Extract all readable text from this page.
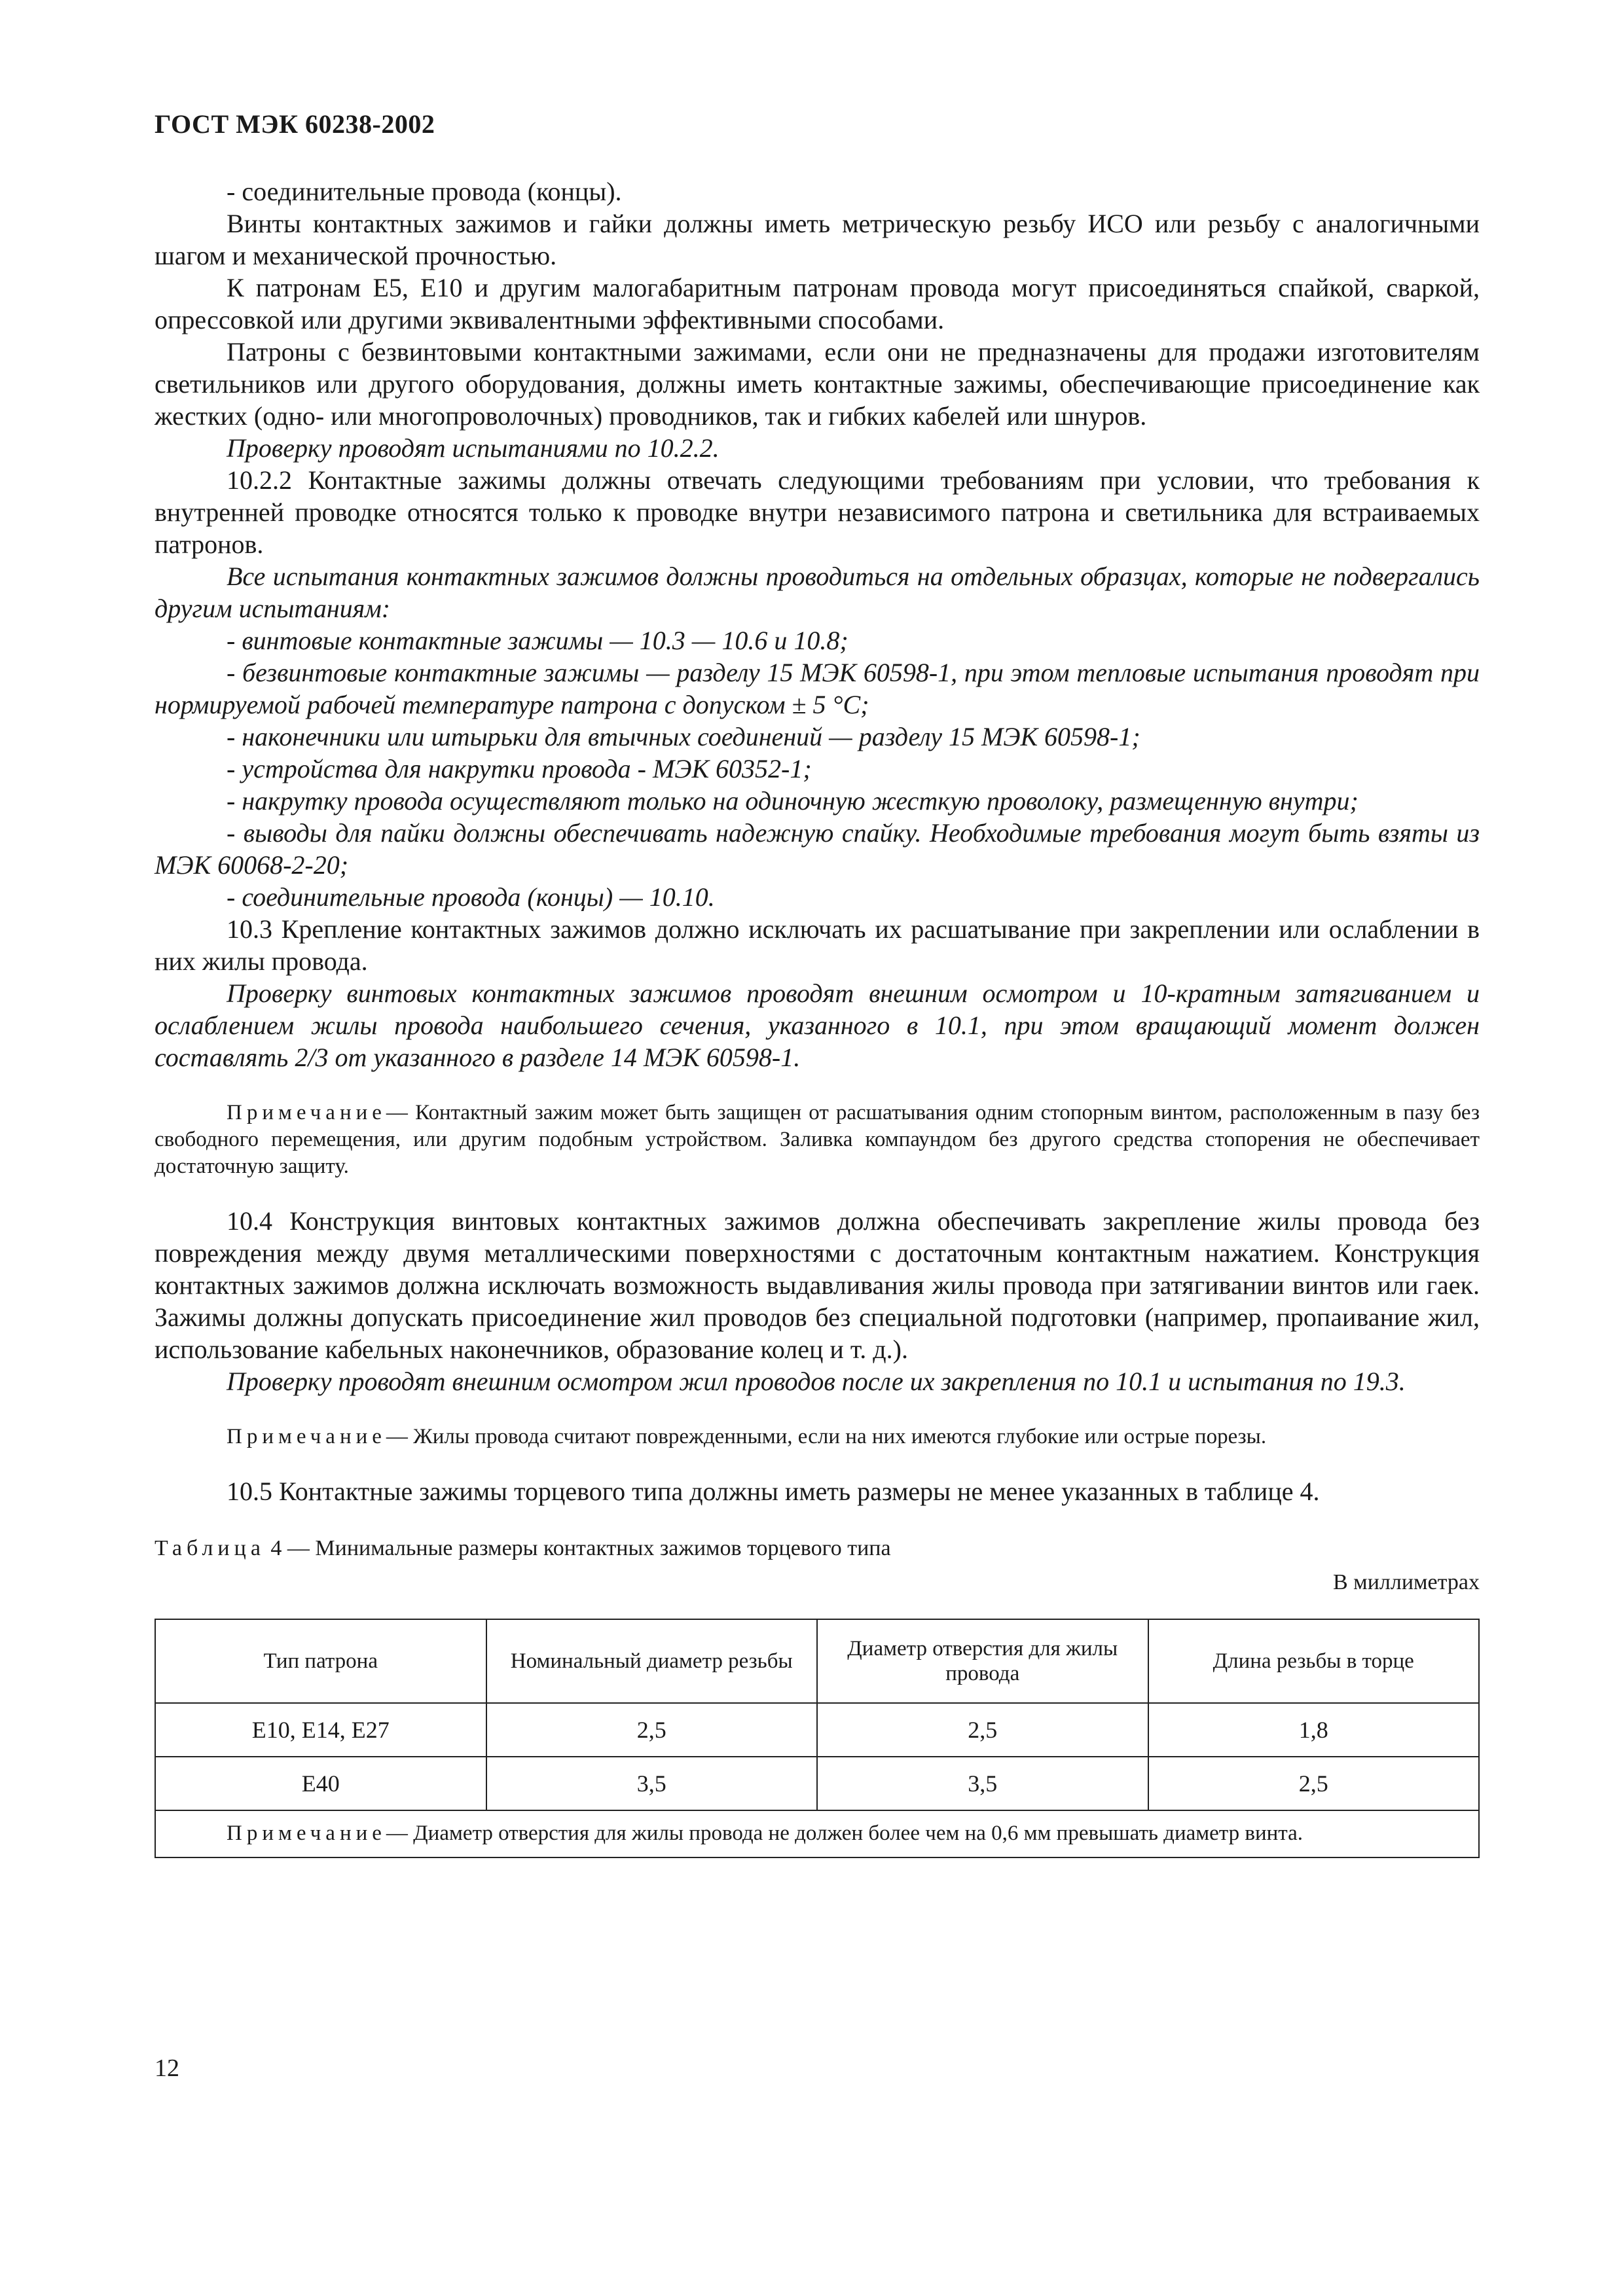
ГОСТ МЭК 60238-2002

- соединительные провода (концы).

Винты контактных зажимов и гайки должны иметь метрическую резьбу ИСО или резьбу с аналогичными шагом и механической прочностью.

К патронам Е5, Е10 и другим малогабаритным патронам провода могут присоединяться спайкой, сваркой, опрессовкой или другими эквивалентными эффективными способами.

Патроны с безвинтовыми контактными зажимами, если они не предназначены для продажи изготовителям светильников или другого оборудования, должны иметь контактные зажимы, обеспечивающие присоединение как жестких (одно- или многопроволочных) проводников, так и гибких кабелей или шнуров.

Проверку проводят испытаниями по 10.2.2.

10.2.2 Контактные зажимы должны отвечать следующими требованиям при условии, что требования к внутренней проводке относятся только к проводке внутри независимого патрона и светильника для встраиваемых патронов.

Все испытания контактных зажимов должны проводиться на отдельных образцах, которые не подвергались другим испытаниям:

- винтовые контактные зажимы — 10.3 — 10.6 и 10.8;

- безвинтовые контактные зажимы — разделу 15 МЭК 60598-1, при этом тепловые испытания проводят при нормируемой рабочей температуре патрона с допуском ± 5 °С;

- наконечники или штырьки для втычных соединений — разделу 15 МЭК 60598-1;

- устройства для накрутки провода - МЭК 60352-1;

- накрутку провода осуществляют только на одиночную жесткую проволоку, размещенную внутри;

- выводы для пайки должны обеспечивать надежную спайку. Необходимые требования могут быть взяты из МЭК 60068-2-20;

- соединительные провода (концы) — 10.10.

10.3 Крепление контактных зажимов должно исключать их расшатывание при закреплении или ослаблении в них жилы провода.

Проверку винтовых контактных зажимов проводят внешним осмотром и 10-кратным затягиванием и ослаблением жилы провода наибольшего сечения, указанного в 10.1, при этом вращающий момент должен составлять 2/3 от указанного в разделе 14 МЭК 60598-1.

Примечание— Контактный зажим может быть защищен от расшатывания одним стопорным винтом, расположенным в пазу без свободного перемещения, или другим подобным устройством. Заливка компаундом без другого средства стопорения не обеспечивает достаточную защиту.

10.4 Конструкция винтовых контактных зажимов должна обеспечивать закрепление жилы провода без повреждения между двумя металлическими поверхностями с достаточным контактным нажатием. Конструкция контактных зажимов должна исключать возможность выдавливания жилы провода при затягивании винтов или гаек. Зажимы должны допускать присоединение жил проводов без специальной подготовки (например, пропаивание жил, использование кабельных наконечников, образование колец и т. д.).

Проверку проводят внешним осмотром жил проводов после их закрепления по 10.1 и испытания по 19.3.

Примечание— Жилы провода считают поврежденными, если на них имеются глубокие или острые порезы.

10.5 Контактные зажимы торцевого типа должны иметь размеры не менее указанных в таблице 4.

Таблица 4 — Минимальные размеры контактных зажимов торцевого типа

В миллиметрах

Тип патрона	Номинальный диаметр резьбы	Диаметр отверстия для жилы провода	Длина резьбы в торце
Е10, Е14, Е27	2,5	2,5	1,8
Е40	3,5	3,5	2,5
Примечание— Диаметр отверстия для жилы провода не должен более чем на 0,6 мм превышать диаметр винта.			
12
